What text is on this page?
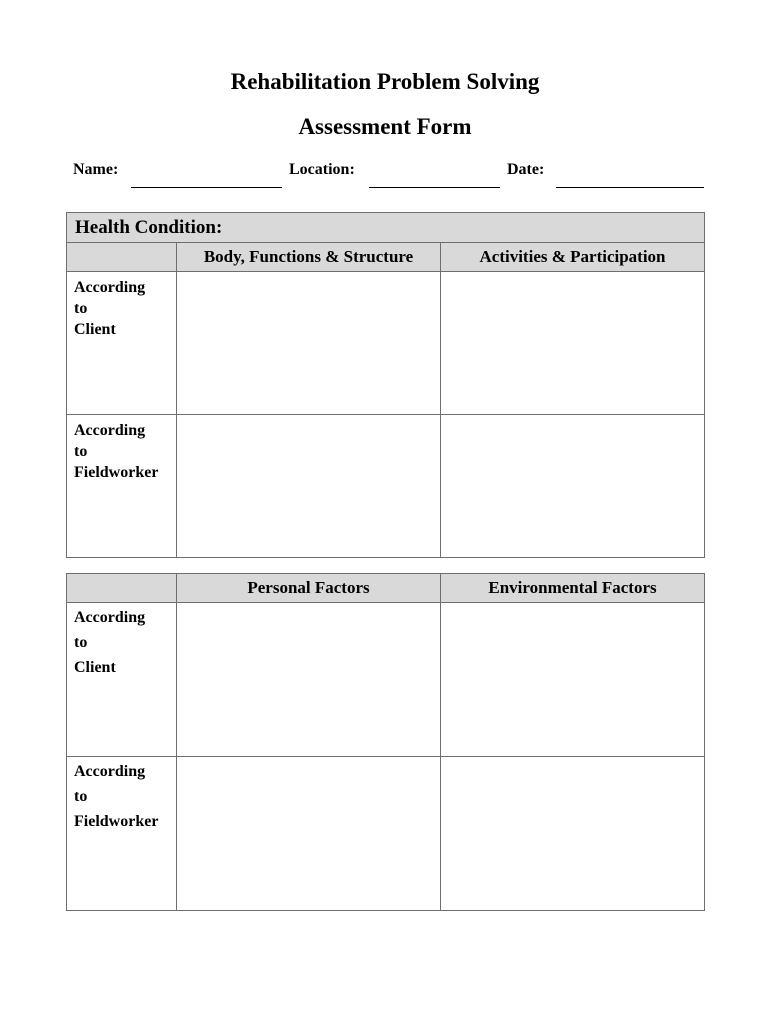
Rehabilitation Problem Solving
Assessment Form
Name:	Location:	Date:
Health Condition:		
	Body, Functions & Structure	Activities & Participation

According
to
Client		

According
to
Fieldworker		

	Personal Factors	Environmental Factors

According
to
Client		

According
to
Fieldworker		
